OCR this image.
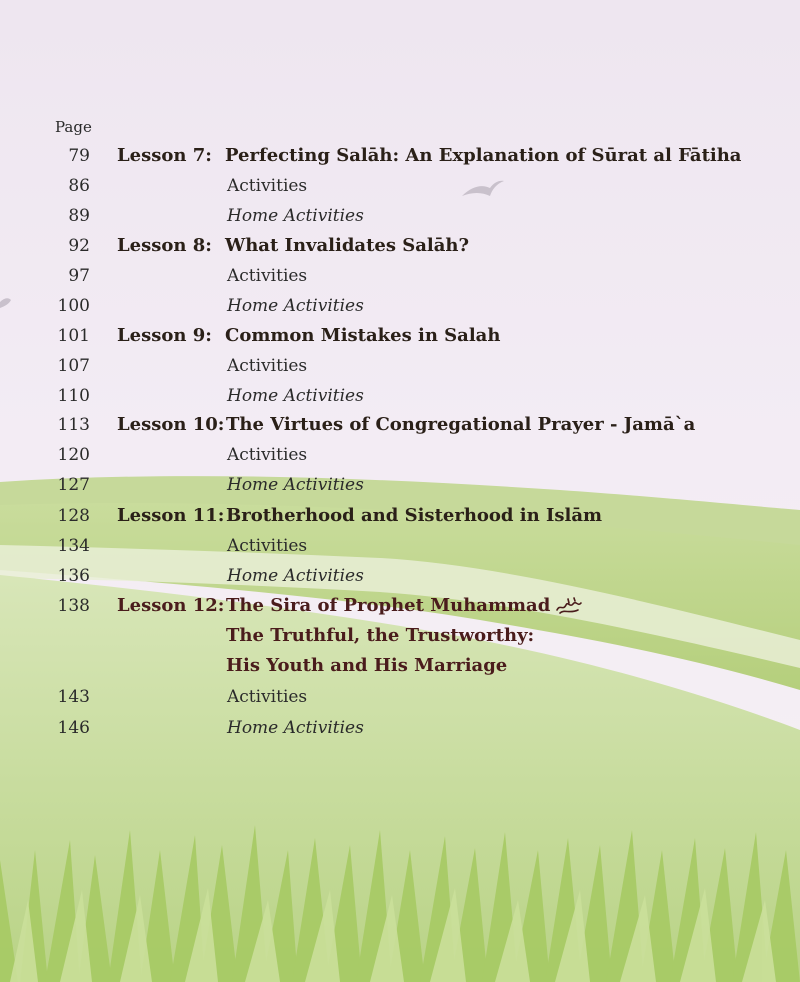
Page
79 Lesson 7: Perfecting Salāh: An Explanation of Sūrat al Fātiha
86	Activities
89	Home Activities
92 Lesson 8: What Invalidates Salāh?
97	Activities
100	Home Activities
101 Lesson 9: Common Mistakes in Salah
107	Activities
110	Home Activities
113 Lesson 10: The Virtues of Congregational Prayer - Jamā`a
120	Activities
127	Home Activities
128 Lesson 11: Brotherhood and Sisterhood in Islām
134	Activities
136	Home Activities
138 Lesson 12: The Sira of Prophet Muhammad
The Truthful, the Trustworthy:
His Youth and His Marriage
143	Activities
146	Home Activities
